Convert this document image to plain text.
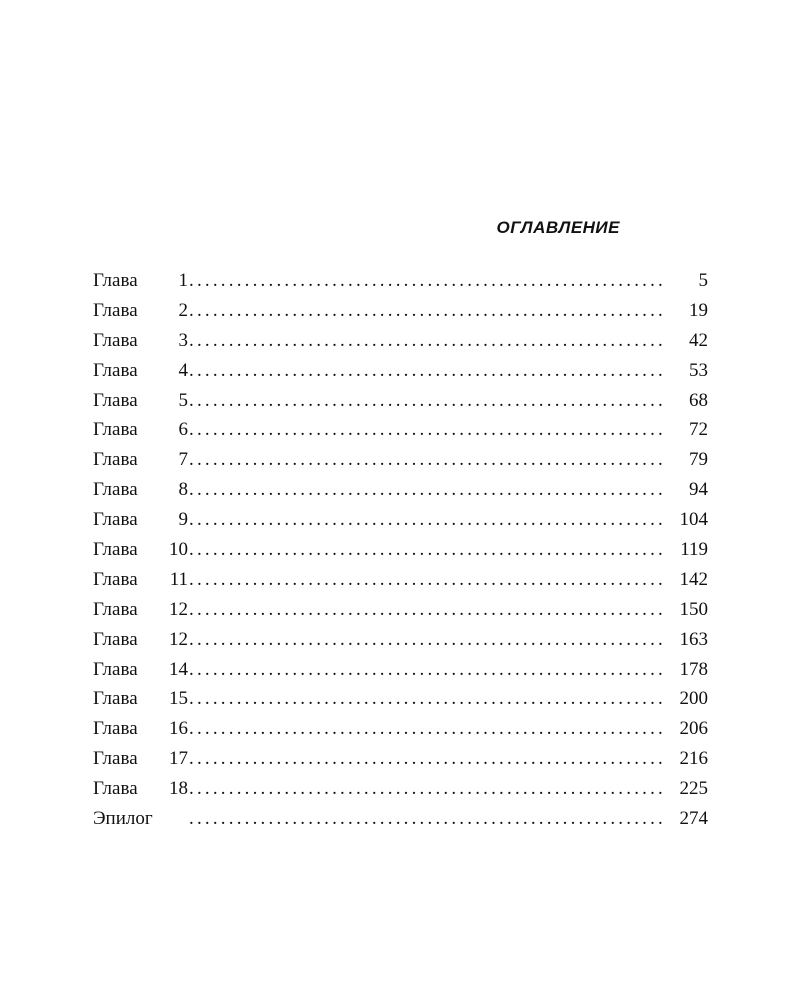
ОГЛАВЛЕНИЕ
Глава 1 ............................................................	5
Глава 2 ............................................................	19
Глава 3 ............................................................	42
Глава 4 ............................................................	53
Глава 5 ............................................................	68
Глава 6 ............................................................	72
Глава 7 ............................................................	79
Глава 8 ............................................................	94
Глава 9 ............................................................ 104
Глава 10 ............................................................ 119
Глава 11 ............................................................ 142
Глава 12 ............................................................ 150
Глава 12 ............................................................ 163
Глава 14 ............................................................ 178
Глава 15 ............................................................ 200
Глава 16 ............................................................ 206
Глава 17 ............................................................ 216
Глава 18 ............................................................ 225
Эпилог ............................................................ 274
